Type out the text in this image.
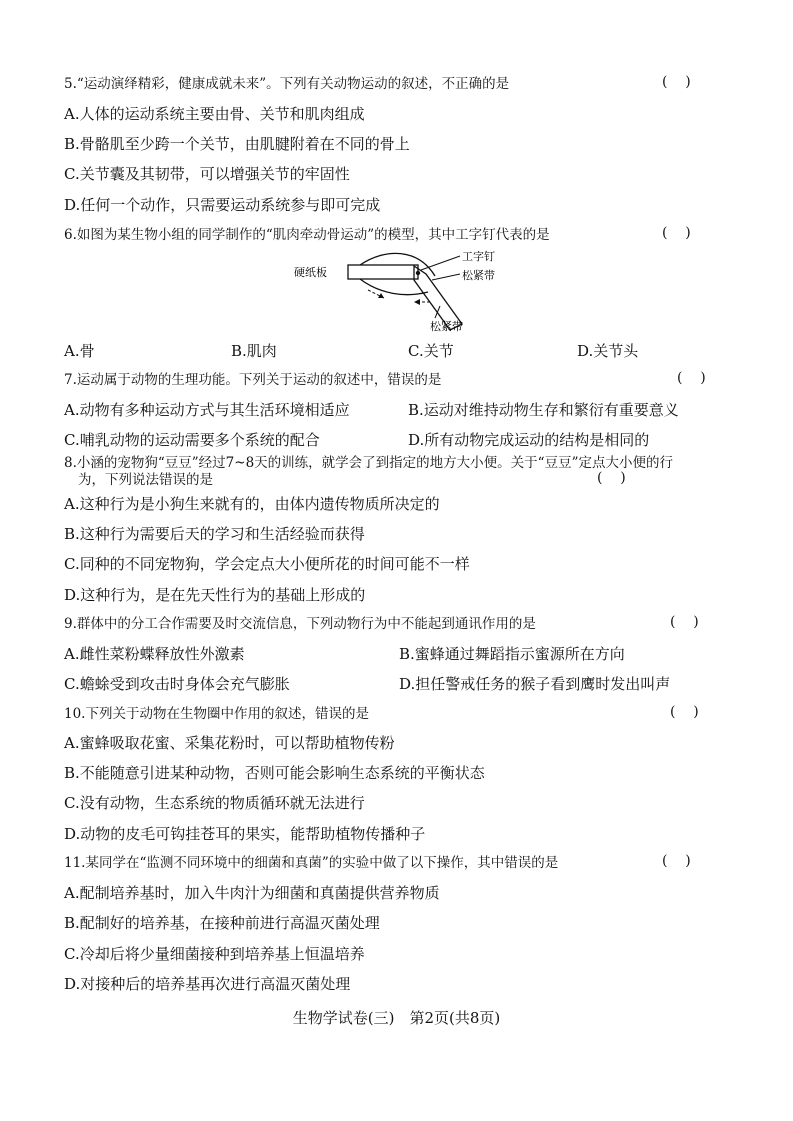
5.“运动演绎精彩，健康成就未来”。下列有关动物运动的叙述，不正确的是	(    )
A.人体的运动系统主要由骨、关节和肌肉组成
B.骨骼肌至少跨一个关节，由肌腱附着在不同的骨上
C.关节囊及其韧带，可以增强关节的牢固性
D.任何一个动作，只需要运动系统参与即可完成
6.如图为某生物小组的同学制作的“肌肉牵动骨运动”的模型，其中工字钉代表的是	(    )
硬纸板
工字钉
松紧带
松紧带
A.骨	B.肌肉	C.关节	D.关节头
7.运动属于动物的生理功能。下列关于运动的叙述中，错误的是	(    )
A.动物有多种运动方式与其生活环境相适应	B.运动对维持动物生存和繁衍有重要意义
C.哺乳动物的运动需要多个系统的配合	D.所有动物完成运动的结构是相同的
8.小涵的宠物狗“豆豆”经过7~8天的训练，就学会了到指定的地方大小便。关于“豆豆”定点大小便的行
为，下列说法错误的是	(    )
A.这种行为是小狗生来就有的，由体内遗传物质所决定的
B.这种行为需要后天的学习和生活经验而获得
C.同种的不同宠物狗，学会定点大小便所花的时间可能不一样
D.这种行为，是在先天性行为的基础上形成的
9.群体中的分工合作需要及时交流信息，下列动物行为中不能起到通讯作用的是	(    )
A.雌性菜粉蝶释放性外激素	B.蜜蜂通过舞蹈指示蜜源所在方向
C.蟾蜍受到攻击时身体会充气膨胀	D.担任警戒任务的猴子看到鹰时发出叫声
10.下列关于动物在生物圈中作用的叙述，错误的是	(    )
A.蜜蜂吸取花蜜、采集花粉时，可以帮助植物传粉
B.不能随意引进某种动物，否则可能会影响生态系统的平衡状态
C.没有动物，生态系统的物质循环就无法进行
D.动物的皮毛可钩挂苍耳的果实，能帮助植物传播种子
11.某同学在“监测不同环境中的细菌和真菌”的实验中做了以下操作，其中错误的是	(    )
A.配制培养基时，加入牛肉汁为细菌和真菌提供营养物质
B.配制好的培养基，在接种前进行高温灭菌处理
C.冷却后将少量细菌接种到培养基上恒温培养
D.对接种后的培养基再次进行高温灭菌处理
生物学试卷(三)　第2页(共8页)
